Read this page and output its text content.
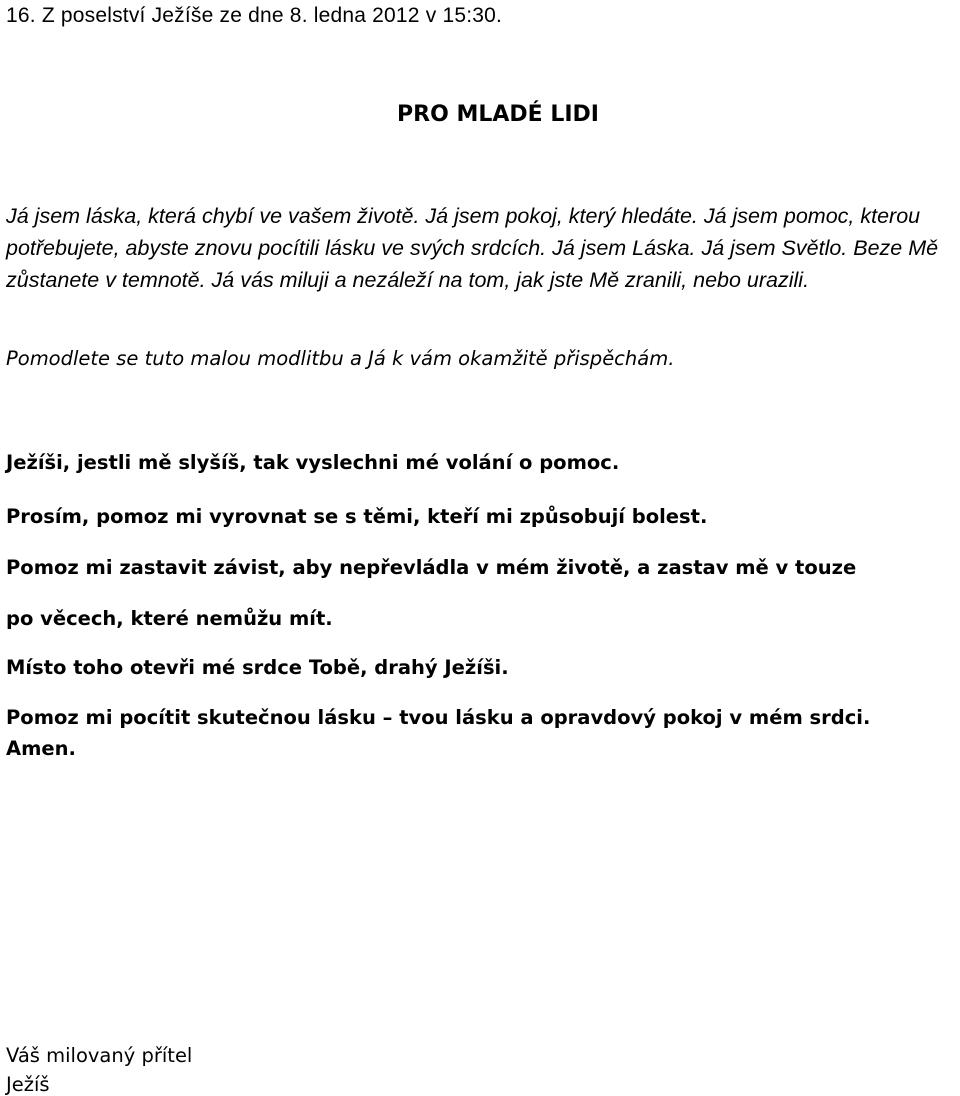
16. Z poselství Ježíše ze dne 8. ledna 2012 v 15:30.
PRO MLADÉ LIDI
Já jsem láska, která chybí ve vašem životě. Já jsem pokoj, který hledáte. Já jsem pomoc, kterou potřebujete, abyste znovu pocítili lásku ve svých srdcích. Já jsem Láska. Já jsem Světlo. Beze Mě zůstanete v temnotě. Já vás miluji a nezáleží na tom, jak jste Mě zranili, nebo urazili.
Pomodlete se tuto malou modlitbu a Já k vám okamžitě přispěchám.
Ježíši, jestli mě slyšíš, tak vyslechni mé volání o pomoc.
Prosím, pomoz mi vyrovnat se s těmi, kteří mi způsobují bolest.
Pomoz mi zastavit závist, aby nepřevládla v mém životě, a zastav mě v touze
po věcech, které nemůžu mít.
Místo toho otevři mé srdce Tobě, drahý Ježíši.
Pomoz mi pocítit skutečnou lásku – tvou lásku a opravdový pokoj v mém srdci.
Amen.
Váš milovaný přítel
Ježíš
